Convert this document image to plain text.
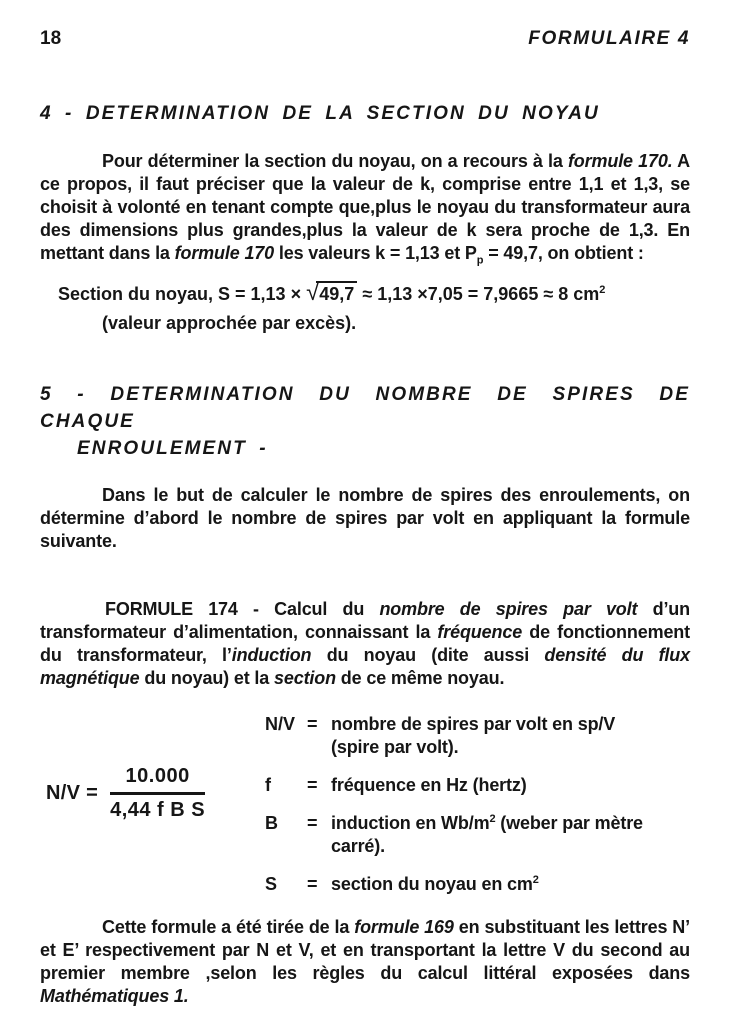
18	FORMULAIRE 4
4 - DETERMINATION DE LA SECTION DU NOYAU

Pour déterminer la section du noyau, on a recours à la formule 170. A ce propos, il faut préciser que la valeur de k, comprise entre 1,1 et 1,3, se choisit à volonté en tenant compte que,plus le noyau du transformateur aura des dimensions plus grandes,plus la valeur de k sera proche de 1,3. En mettant dans la formule 170 les valeurs k = 1,13 et $P_p = 49,7$, on obtient :

Section du noyau, S = 1,13 × √49,7 ≈ 1,13 ×7,05 = 7,9665 ≈ 8 $cm^2$
(valeur approchée par excès).
5 - DETERMINATION DU NOMBRE DE SPIRES DE CHAQUE
ENROULEMENT -

Dans le but de calculer le nombre de spires des enroulements, on détermine d’abord le nombre de spires par volt en appliquant la formule suivante.

FORMULE 174 - Calcul du nombre de spires par volt d’un transformateur d’alimentation, connaissant la fréquence de fonctionnement du transformateur, l’induction du noyau (dite aussi densité du flux magnétique du noyau) et la section de ce même noyau.

$N/V = \frac{10.000}{\text{4,44 f B S}}$
N/V = nombre de spires par volt en sp/V
(spire par volt).
f	= fréquence en Hz (hertz)
B	= induction en $Wb/m^2$ (weber par mètre
carré).
S	= section du noyau en $cm^2$

Cette formule a été tirée de la formule 169 en substituant les lettres N’ et E’ respectivement par N et V, et en transportant la lettre V du second au premier membre ,selon les règles du calcul littéral exposées dans Mathématiques 1.
